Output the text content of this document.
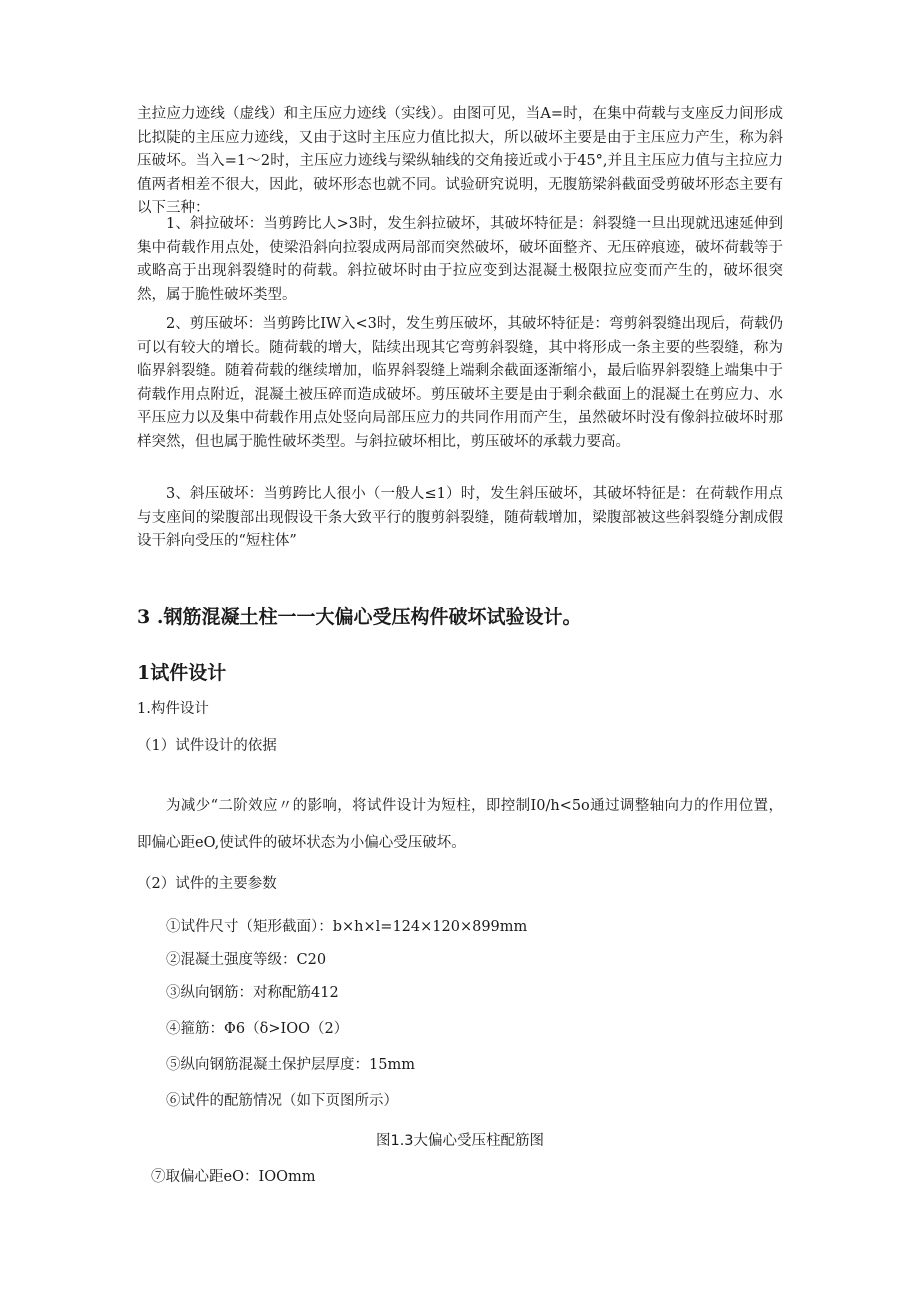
主拉应力迹线（虚线）和主压应力迹线（实线）。由图可见，当A=时，在集中荷载与支座反力间形成比拟陡的主压应力迹线，又由于这时主压应力值比拟大，所以破坏主要是由于主压应力产生，称为斜压破坏。当入=1～2时，主压应力迹线与梁纵轴线的交角接近或小于45°,并且主压应力值与主拉应力值两者相差不很大，因此，破坏形态也就不同。试验研究说明，无腹筋梁斜截面受剪破坏形态主要有以下三种：

1、斜拉破坏：当剪跨比人>3时，发生斜拉破坏，其破坏特征是：斜裂缝一旦出现就迅速延伸到集中荷载作用点处，使梁沿斜向拉裂成两局部而突然破坏，破坏面整齐、无压碎痕迹，破坏荷载等于或略高于出现斜裂缝时的荷载。斜拉破坏时由于拉应变到达混凝土极限拉应变而产生的，破坏很突然，属于脆性破坏类型。

2、剪压破坏：当剪跨比IW入<3时，发生剪压破坏，其破坏特征是：弯剪斜裂缝出现后，荷载仍可以有较大的增长。随荷载的增大，陆续出现其它弯剪斜裂缝，其中将形成一条主要的些裂缝，称为临界斜裂缝。随着荷载的继续增加，临界斜裂缝上端剩余截面逐渐缩小，最后临界斜裂缝上端集中于荷载作用点附近，混凝土被压碎而造成破坏。剪压破坏主要是由于剩余截面上的混凝土在剪应力、水平压应力以及集中荷载作用点处竖向局部压应力的共同作用而产生，虽然破坏时没有像斜拉破坏时那样突然，但也属于脆性破坏类型。与斜拉破坏相比，剪压破坏的承载力要高。

3、斜压破坏：当剪跨比人很小（一般人≤1）时，发生斜压破坏，其破坏特征是：在荷载作用点与支座间的梁腹部出现假设干条大致平行的腹剪斜裂缝，随荷载增加，梁腹部被这些斜裂缝分割成假设干斜向受压的“短柱体”

3 .钢筋混凝土柱一一大偏心受压构件破坏试验设计。
1试件设计

1.构件设计

（1）试件设计的依据

为减少“二阶效应〃的影响，将试件设计为短柱，即控制I0∕h<5o通过调整轴向力的作用位置，即偏心距eO,使试件的破坏状态为小偏心受压破坏。

（2）试件的主要参数

①试件尺寸（矩形截面）：b×h×l=124×120×899mm

②混凝土强度等级：C20

③纵向钢筋：对称配筋412

④箍筋：Φ6（δ>IOO（2）

⑤纵向钢筋混凝土保护层厚度：15mm

⑥试件的配筋情况（如下页图所示）

图1.3大偏心受压柱配筋图

⑦取偏心距eO：IOOmm
